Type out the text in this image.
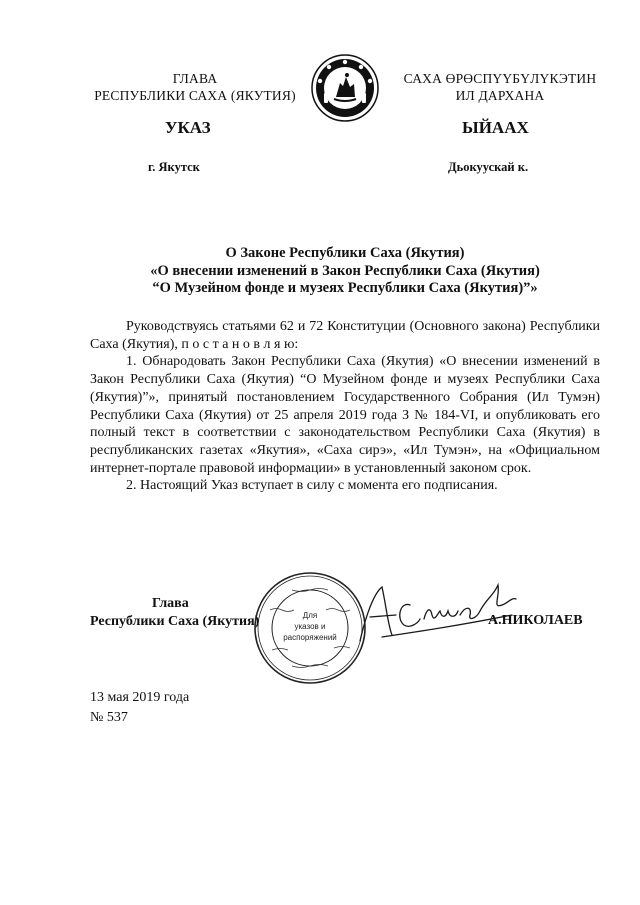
ГЛАВА
РЕСПУБЛИКИ САХА (ЯКУТИЯ)
САХА ӨРӨСПҮҮБҮЛҮКЭТИН
ИЛ ДАРХАНА
УКАЗ	ЫЙААХ
г. Якутск	Дьокуускай к.
О Законе Республики Саха (Якутия)
«О внесении изменений в Закон Республики Саха (Якутия)
“О Музейном фонде и музеях Республики Саха (Якутия)”»

Руководствуясь статьями 62 и 72 Конституции (Основного закона) Республики Саха (Якутия), п о с т а н о в л я ю:

1. Обнародовать Закон Республики Саха (Якутия) «О внесении изменений в Закон Республики Саха (Якутия) “О Музейном фонде и музеях Республики Саха (Якутия)”», принятый постановлением Государственного Собрания (Ил Тумэн) Республики Саха (Якутия) от 25 апреля 2019 года З № 184-VI, и опубликовать его полный текст в соответствии с законодательством Республики Саха (Якутия) в республиканских газетах «Якутия», «Саха сирэ», «Ил Тумэн», на «Официальном интернет-портале правовой информации» в установленный законом срок.

2. Настоящий Указ вступает в силу с момента его подписания.

Глава
Республики Саха (Якутия)	Для
указов и
распоряжений
А.НИКОЛАЕВ
13 мая 2019 года
№ 537
